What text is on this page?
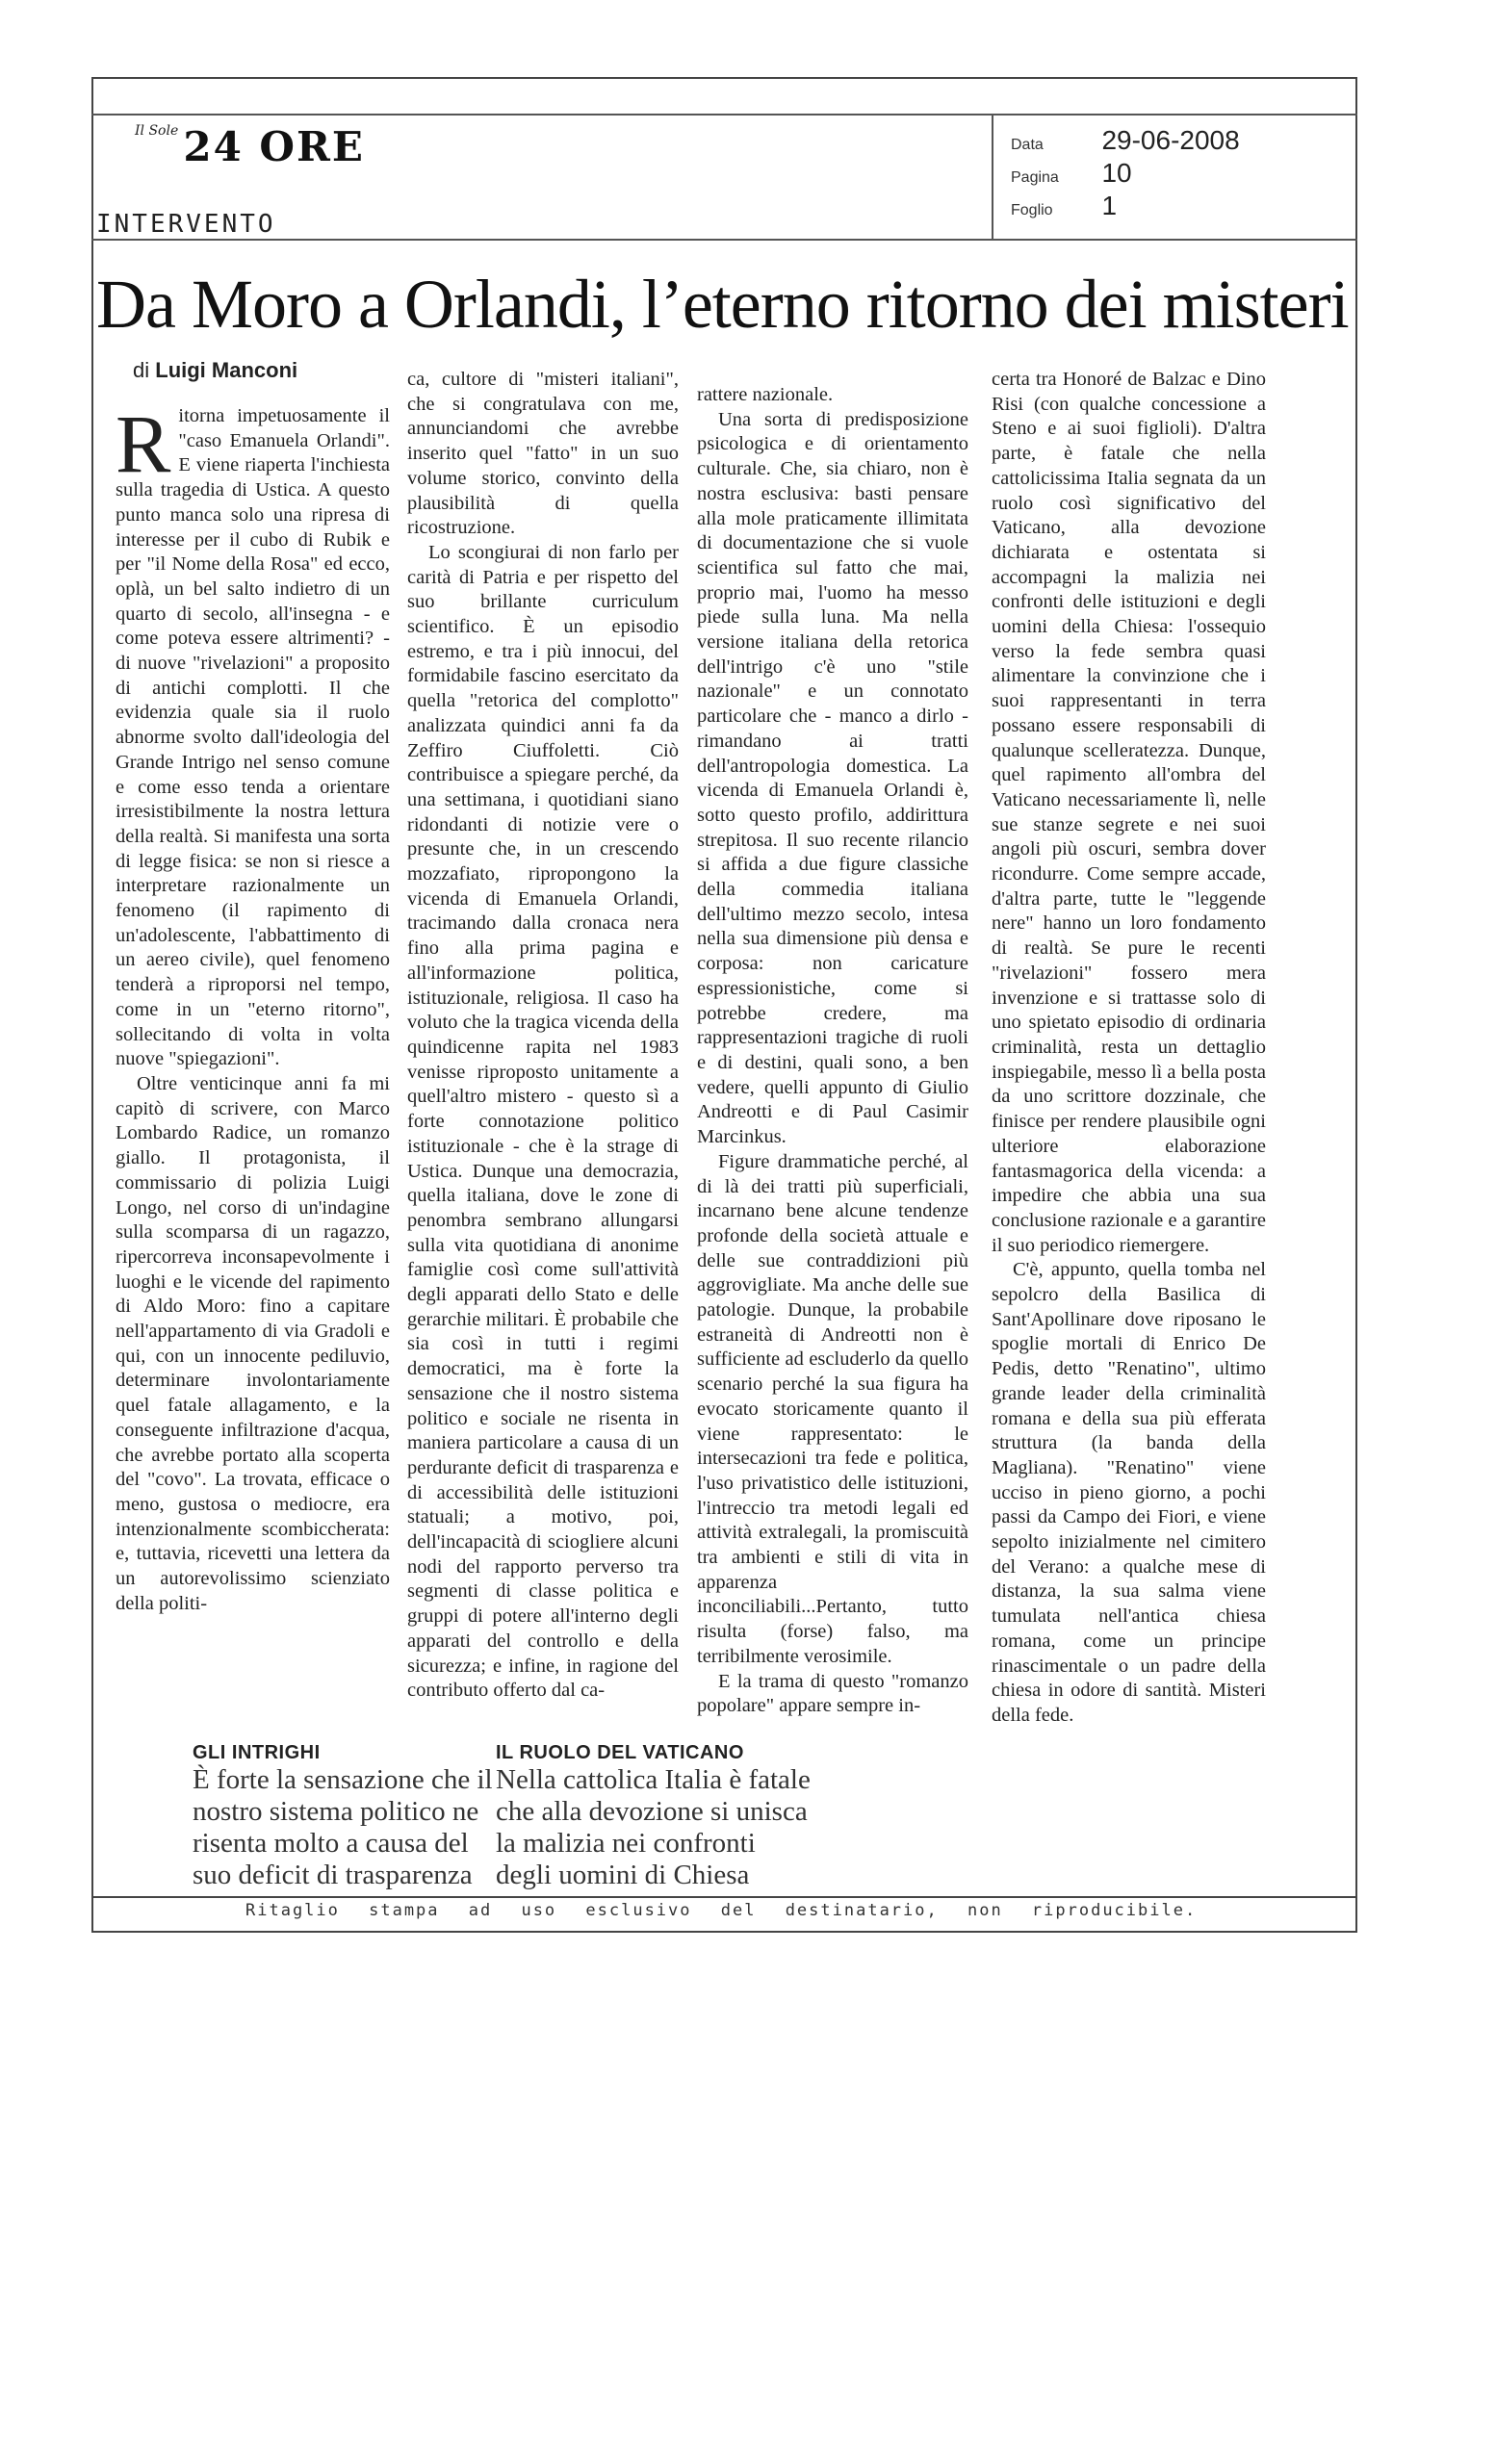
Il Sole 24 ORE	Data 29-06-2008
Pagina 10
Foglio 1
INTERVENTO
Da Moro a Orlandi, l’eterno ritorno dei misteri
di Luigi Manconi

Ritorna impetuosamente il "caso Emanuela Orlandi". E viene riaperta l'inchiesta sulla tragedia di Ustica. A questo punto manca solo una ripresa di interesse per il cubo di Rubik e per "il Nome della Rosa" ed ecco, oplà, un bel salto indietro di un quarto di secolo, all'insegna - e come poteva essere altrimenti? - di nuove "rivelazioni" a proposito di antichi complotti. Il che evidenzia quale sia il ruolo abnorme svolto dall'ideologia del Grande Intrigo nel senso comune e come esso tenda a orientare irresistibilmente la nostra lettura della realtà. Si manifesta una sorta di legge fisica: se non si riesce a interpretare razionalmente un fenomeno (il rapimento di un'adolescente, l'abbattimento di un aereo civile), quel fenomeno tenderà a riproporsi nel tempo, come in un "eterno ritorno", sollecitando di volta in volta nuove "spiegazioni".

Oltre venticinque anni fa mi capitò di scrivere, con Marco Lombardo Radice, un romanzo giallo. Il protagonista, il commissario di polizia Luigi Longo, nel corso di un'indagine sulla scomparsa di un ragazzo, ripercorreva inconsapevolmente i luoghi e le vicende del rapimento di Aldo Moro: fino a capitare nell'appartamento di via Gradoli e qui, con un innocente pediluvio, determinare involontariamente quel fatale allagamento, e la conseguente infiltrazione d'acqua, che avrebbe portato alla scoperta del "covo". La trovata, efficace o meno, gustosa o mediocre, era intenzionalmente scombiccherata: e, tuttavia, ricevetti una lettera da un autorevolissimo scienziato della politi-

ca, cultore di "misteri italiani", che si congratulava con me, annunciandomi che avrebbe inserito quel "fatto" in un suo volume storico, convinto della plausibilità di quella ricostruzione.

Lo scongiurai di non farlo per carità di Patria e per rispetto del suo brillante curriculum scientifico. È un episodio estremo, e tra i più innocui, del formidabile fascino esercitato da quella "retorica del complotto" analizzata quindici anni fa da Zeffiro Ciuffoletti. Ciò contribuisce a spiegare perché, da una settimana, i quotidiani siano ridondanti di notizie vere o presunte che, in un crescendo mozzafiato, ripropongono la vicenda di Emanuela Orlandi, tracimando dalla cronaca nera fino alla prima pagina e all'informazione politica, istituzionale, religiosa. Il caso ha voluto che la tragica vicenda della quindicenne rapita nel 1983 venisse riproposto unitamente a quell'altro mistero - questo sì a forte connotazione politico istituzionale - che è la strage di Ustica. Dunque una democrazia, quella italiana, dove le zone di penombra sembrano allungarsi sulla vita quotidiana di anonime famiglie così come sull'attività degli apparati dello Stato e delle gerarchie militari. È probabile che sia così in tutti i regimi democratici, ma è forte la sensazione che il nostro sistema politico e sociale ne risenta in maniera particolare a causa di un perdurante deficit di trasparenza e di accessibilità delle istituzioni statuali; a motivo, poi, dell'incapacità di sciogliere alcuni nodi del rapporto perverso tra segmenti di classe politica e gruppi di potere all'interno degli apparati del controllo e della sicurezza; e infine, in ragione del contributo offerto dal ca-

rattere nazionale.

Una sorta di predisposizione psicologica e di orientamento culturale. Che, sia chiaro, non è nostra esclusiva: basti pensare alla mole praticamente illimitata di documentazione che si vuole scientifica sul fatto che mai, proprio mai, l'uomo ha messo piede sulla luna. Ma nella versione italiana della retorica dell'intrigo c'è uno "stile nazionale" e un connotato particolare che - manco a dirlo - rimandano ai tratti dell'antropologia domestica. La vicenda di Emanuela Orlandi è, sotto questo profilo, addirittura strepitosa. Il suo recente rilancio si affida a due figure classiche della commedia italiana dell'ultimo mezzo secolo, intesa nella sua dimensione più densa e corposa: non caricature espressionistiche, come si potrebbe credere, ma rappresentazioni tragiche di ruoli e di destini, quali sono, a ben vedere, quelli appunto di Giulio Andreotti e di Paul Casimir Marcinkus.

Figure drammatiche perché, al di là dei tratti più superficiali, incarnano bene alcune tendenze profonde della società attuale e delle sue contraddizioni più aggrovigliate. Ma anche delle sue patologie. Dunque, la probabile estraneità di Andreotti non è sufficiente ad escluderlo da quello scenario perché la sua figura ha evocato storicamente quanto il viene rappresentato: le intersecazioni tra fede e politica, l'uso privatistico delle istituzioni, l'intreccio tra metodi legali ed attività extralegali, la promiscuità tra ambienti e stili di vita in apparenza inconciliabili...Pertanto, tutto risulta (forse) falso, ma terribilmente verosimile.

E la trama di questo "romanzo popolare" appare sempre in-

certa tra Honoré de Balzac e Dino Risi (con qualche concessione a Steno e ai suoi figlioli). D'altra parte, è fatale che nella cattolicissima Italia segnata da un ruolo così significativo del Vaticano, alla devozione dichiarata e ostentata si accompagni la malizia nei confronti delle istituzioni e degli uomini della Chiesa: l'ossequio verso la fede sembra quasi alimentare la convinzione che i suoi rappresentanti in terra possano essere responsabili di qualunque scelleratezza. Dunque, quel rapimento all'ombra del Vaticano necessariamente lì, nelle sue stanze segrete e nei suoi angoli più oscuri, sembra dover ricondurre. Come sempre accade, d'altra parte, tutte le "leggende nere" hanno un loro fondamento di realtà. Se pure le recenti "rivelazioni" fossero mera invenzione e si trattasse solo di uno spietato episodio di ordinaria criminalità, resta un dettaglio inspiegabile, messo lì a bella posta da uno scrittore dozzinale, che finisce per rendere plausibile ogni ulteriore elaborazione fantasmagorica della vicenda: a impedire che abbia una sua conclusione razionale e a garantire il suo periodico riemergere.

C'è, appunto, quella tomba nel sepolcro della Basilica di Sant'Apollinare dove riposano le spoglie mortali di Enrico De Pedis, detto "Renatino", ultimo grande leader della criminalità romana e della sua più efferata struttura (la banda della Magliana). "Renatino" viene ucciso in pieno giorno, a pochi passi da Campo dei Fiori, e viene sepolto inizialmente nel cimitero del Verano: a qualche mese di distanza, la sua salma viene tumulata nell'antica chiesa romana, come un principe rinascimentale o un padre della chiesa in odore di santità. Misteri della fede.

GLI INTRIGHI
È forte la sensazione che il nostro sistema politico ne risenta molto a causa del suo deficit di trasparenza
IL RUOLO DEL VATICANO
Nella cattolica Italia è fatale che alla devozione si unisca la malizia nei confronti degli uomini di Chiesa
Ritaglio stampa ad uso esclusivo del destinatario, non riproducibile.
